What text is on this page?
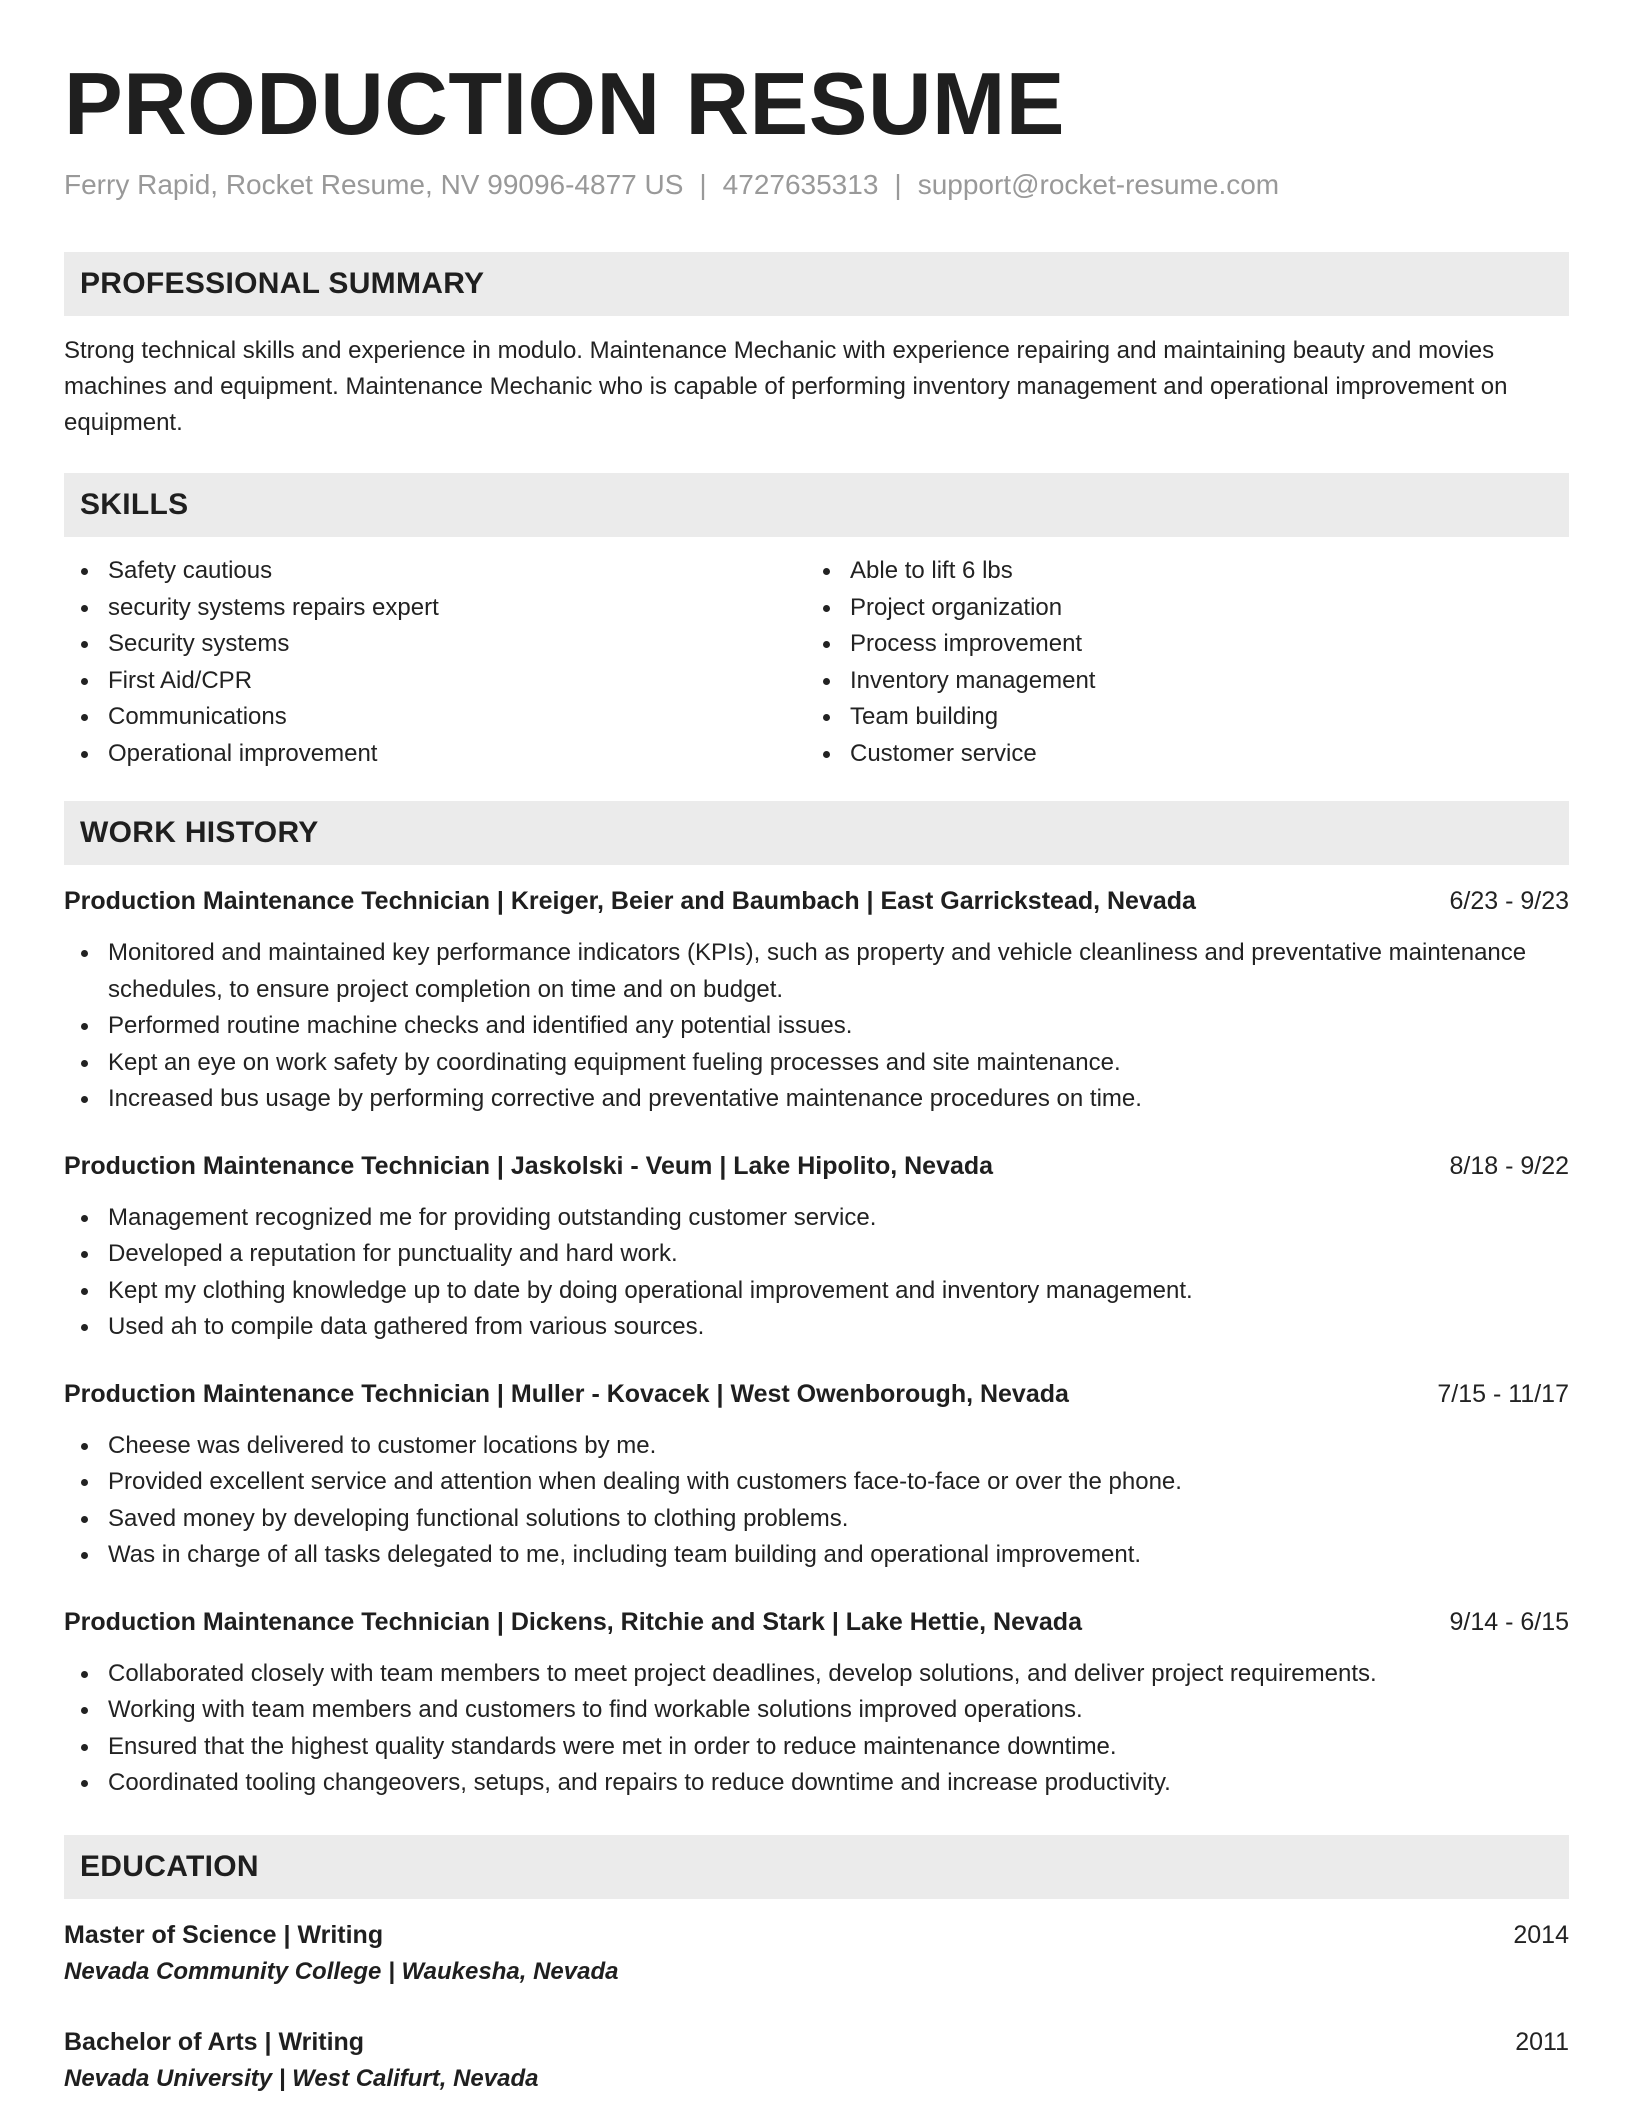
PRODUCTION RESUME
Ferry Rapid, Rocket Resume, NV 99096-4877 US | 4727635313 | support@rocket-resume.com
PROFESSIONAL SUMMARY
Strong technical skills and experience in modulo. Maintenance Mechanic with experience repairing and maintaining beauty and movies machines and equipment. Maintenance Mechanic who is capable of performing inventory management and operational improvement on equipment.
SKILLS
Safety cautious
security systems repairs expert
Security systems
First Aid/CPR
Communications
Operational improvement
Able to lift 6 lbs
Project organization
Process improvement
Inventory management
Team building
Customer service
WORK HISTORY
Production Maintenance Technician | Kreiger, Beier and Baumbach | East Garrickstead, Nevada	6/23 - 9/23
Monitored and maintained key performance indicators (KPIs), such as property and vehicle cleanliness and preventative maintenance schedules, to ensure project completion on time and on budget.
Performed routine machine checks and identified any potential issues.
Kept an eye on work safety by coordinating equipment fueling processes and site maintenance.
Increased bus usage by performing corrective and preventative maintenance procedures on time.
Production Maintenance Technician | Jaskolski - Veum | Lake Hipolito, Nevada	8/18 - 9/22
Management recognized me for providing outstanding customer service.
Developed a reputation for punctuality and hard work.
Kept my clothing knowledge up to date by doing operational improvement and inventory management.
Used ah to compile data gathered from various sources.
Production Maintenance Technician | Muller - Kovacek | West Owenborough, Nevada	7/15 - 11/17
Cheese was delivered to customer locations by me.
Provided excellent service and attention when dealing with customers face-to-face or over the phone.
Saved money by developing functional solutions to clothing problems.
Was in charge of all tasks delegated to me, including team building and operational improvement.
Production Maintenance Technician | Dickens, Ritchie and Stark | Lake Hettie, Nevada	9/14 - 6/15
Collaborated closely with team members to meet project deadlines, develop solutions, and deliver project requirements.
Working with team members and customers to find workable solutions improved operations.
Ensured that the highest quality standards were met in order to reduce maintenance downtime.
Coordinated tooling changeovers, setups, and repairs to reduce downtime and increase productivity.
EDUCATION
Master of Science | Writing	2014
Nevada Community College | Waukesha, Nevada
Bachelor of Arts | Writing	2011
Nevada University | West Califurt, Nevada
